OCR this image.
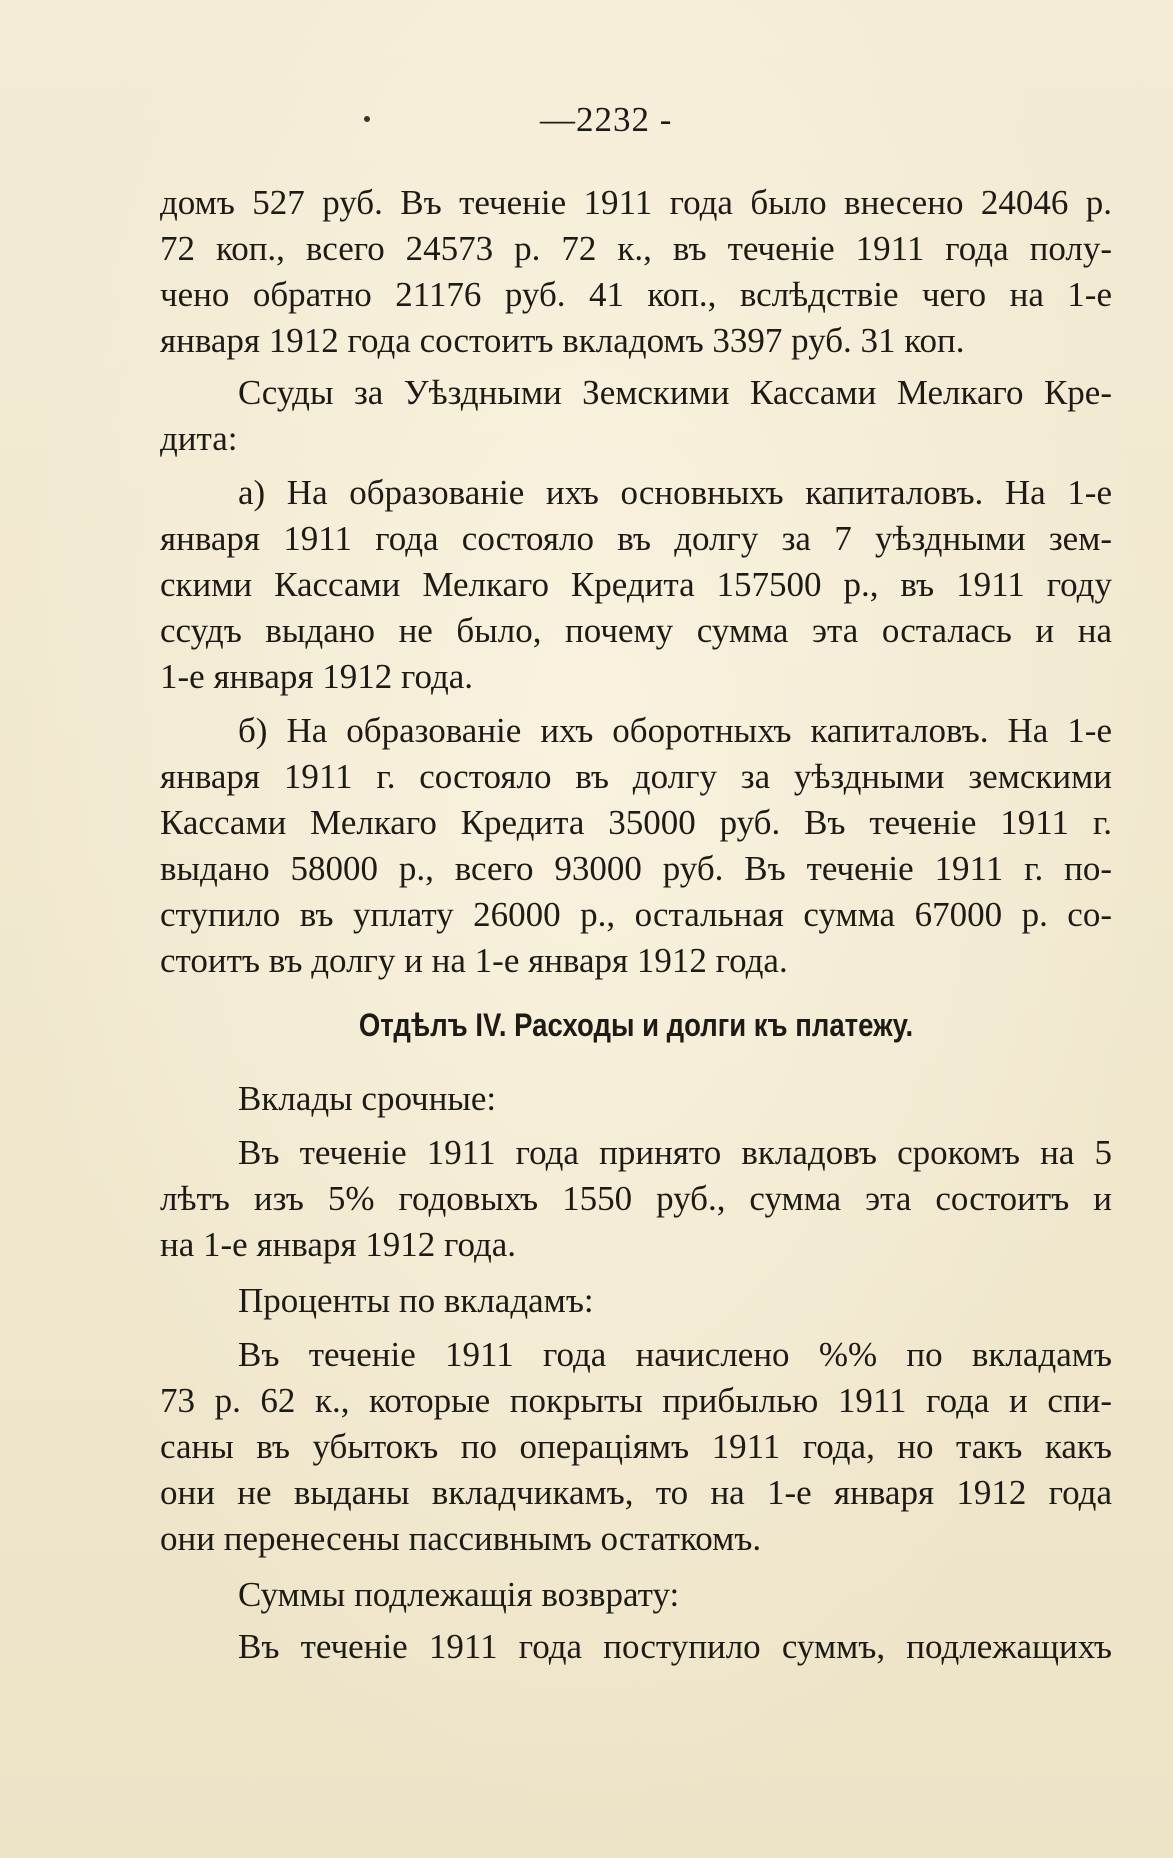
—2232 -
домъ 527 руб. Въ теченіе 1911 года было внесено 24046 р.
72 коп., всего 24573 р. 72 к., въ теченіе 1911 года полу-
чено обратно 21176 руб. 41 коп., вслѣдствіе чего на 1-е
января 1912 года состоитъ вкладомъ 3397 руб. 31 коп.
Ссуды за Уѣздными Земскими Кассами Мелкаго Кре-
дита:
а) На образованіе ихъ основныхъ капиталовъ. На 1-е
января 1911 года состояло въ долгу за 7 уѣздными зем-
скими Кассами Мелкаго Кредита 157500 р., въ 1911 году
ссудъ выдано не было, почему сумма эта осталась и на
1-е января 1912 года.
б) На образованіе ихъ оборотныхъ капиталовъ. На 1-е
января 1911 г. состояло въ долгу за уѣздными земскими
Кассами Мелкаго Кредита 35000 руб. Въ теченіе 1911 г.
выдано 58000 р., всего 93000 руб. Въ теченіе 1911 г. по-
ступило въ уплату 26000 р., остальная сумма 67000 р. со-
стоитъ въ долгу и на 1-е января 1912 года.
Отдѣлъ IV. Расходы и долги къ платежу.
Вклады срочные:
Въ теченіе 1911 года принято вкладовъ срокомъ на 5
лѣтъ изъ 5% годовыхъ 1550 руб., сумма эта состоитъ и
на 1-е января 1912 года.
Проценты по вкладамъ:
Въ теченіе 1911 года начислено %% по вкладамъ
73 р. 62 к., которые покрыты прибылью 1911 года и спи-
саны въ убытокъ по операціямъ 1911 года, но такъ какъ
они не выданы вкладчикамъ, то на 1-е января 1912 года
они перенесены пассивнымъ остаткомъ.
Суммы подлежащія возврату:
Въ теченіе 1911 года поступило суммъ, подлежащихъ
